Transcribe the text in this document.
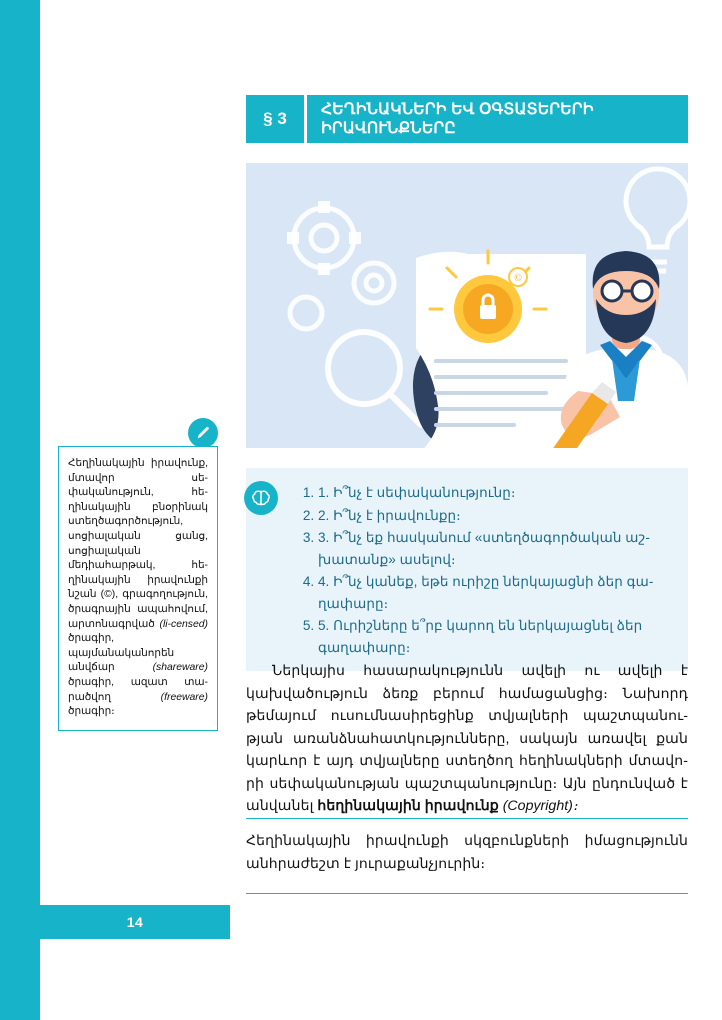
14
§ 3	ՀԵՂԻՆԱԿՆԵՐԻ ԵՎ ՕԳՏԱՏԵՐԵՐԻ ԻՐԱՎՈՒՆՔՆԵՐԸ
©
1. 1. Ի՞նչ է սեփականությունը։
2. 2. Ի՞նչ է իրավունքը։
3. 3. Ի՞նչ եք հասկանում «ստեղծագործական աշխատանք» ասելով։
4. 4. Ի՞նչ կանեք, եթե ուրիշը ներկայացնի ձեր գաղափարը։
5. 5. Ուրիշները ե՞րբ կարող են ներկայացնել ձեր գաղափարը։
Ներկայիս հասարակությունն ավելի ու ավելի է կախվածություն ձեռք բերում համացանցից։ Նախորդ թեմայում ուսումնասիրեցինք տվյալների պաշտպանության առանձնահատկությունները, սակայն առավել քան կարևոր է այդ տվյալները ստեղծող հեղինակների մտավորի սեփականության պաշտպանությունը։ Այն ընդունված է անվանել հեղինակային իրավունք (Copyright)։
Հեղինակային իրավունքի սկզբունքների իմացությունն անհրաժեշտ է յուրաքանչյուրին։
Հեղինակային իրավունք, մտավոր սեփականություն, հեղինակային բնօրինակ ստեղծագործություն, սոցիալական ցանց, սոցիալական մեդիահարթակ, հեղինակային իրավունքի նշան (©), գրագողություն, ծրագրային ապահովում, արտոնագրված (li-censed) ծրագիր, պայմանականորեն անվճար (shareware) ծրագիր, ազատ տարածվող (freeware) ծրագիր։
